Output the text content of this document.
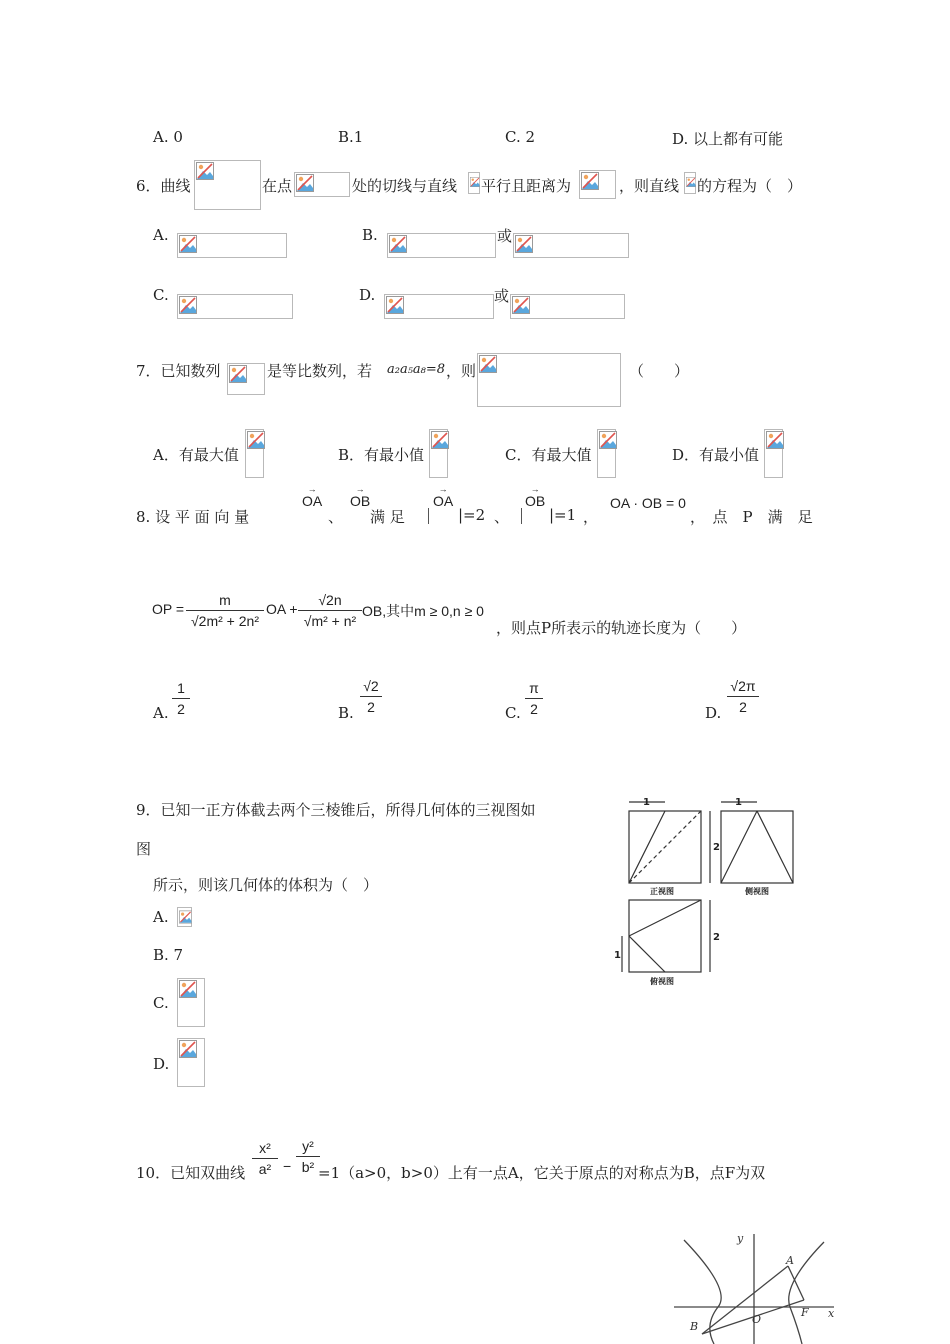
A. 0	B.1	C. 2	D. 以上都有可能
6．曲线	在点	处的切线与直线 平行且距离为	，则直线 的方程为（　）
A.	B.	或
C.	D.	或
7．已知数列	是等比数列，若 a₂a₅a₈=8 ，则	（　　）
A．有最大值	B．有最小值	C．有最大值	D．有最小值
8. 设 平 面 向 量
→ OA
、
→ OB
满 足
→ OA
|=2 、
→ OB
|=1 ，
OA · OB = 0
，　点　P　满　足
OP = $\frac{m}{\text{√2m² + 2n²}}$ OA + $\frac{√2n}{\text{√m² + n²}}$ OB,其中m ≥ 0,n ≥ 0
，则点P所表示的轨迹长度为（　　）
A. $\frac{1}{2}$	B. $\frac{√2}{2}$	C. $\frac{\pi}{2}$	D. $\frac{√2\pi}{2}$
9．已知一正方体截去两个三棱锥后，所得几何体的三视图如
图
所示，则该几何体的体积为（　）
A.
B. 7
C.
D.
1
2
1
2
1
正视图	侧视图
俯视图
10．已知双曲线 $\frac{\text{x²}}{\text{a²}} - \frac{\text{y²}}{\text{b²}}$
=1（a>0，b>0）上有一点A，它关于原点的对称点为B，点F为双
y
x
A
B
O
F
